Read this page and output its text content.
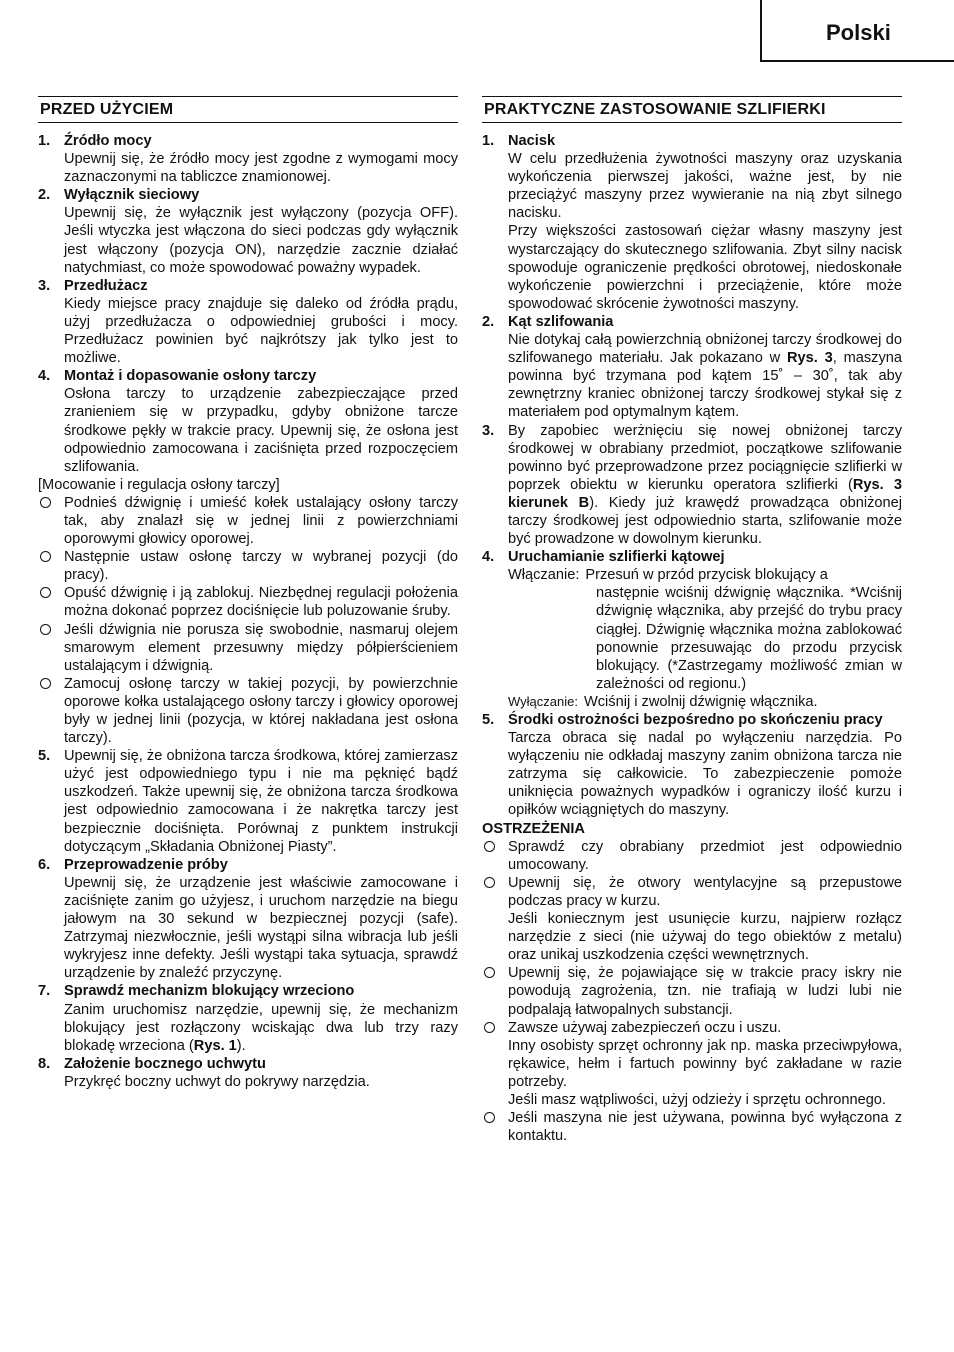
Polski
PRZED UŻYCIEM
1. Źródło mocy
Upewnij się, że źródło mocy jest zgodne z wymogami mocy zaznaczonymi na tabliczce znamionowej.
2. Wyłącznik sieciowy
Upewnij się, że wyłącznik jest wyłączony (pozycja OFF). Jeśli wtyczka jest włączona do sieci podczas gdy wyłącznik jest włączony (pozycja ON), narzędzie zacznie działać natychmiast, co może spowodować poważny wypadek.
3. Przedłużacz
Kiedy miejsce pracy znajduje się daleko od źródła prądu, użyj przedłużacza o odpowiedniej grubości i mocy. Przedłużacz powinien być najkrótszy jak tylko jest to możliwe.
4. Montaż i dopasowanie osłony tarczy
Osłona tarczy to urządzenie zabezpieczające przed zranieniem się w przypadku, gdyby obniżone tarcze środkowe pękły w trakcie pracy. Upewnij się, że osłona jest odpowiednio zamocowana i zaciśnięta przed rozpoczęciem szlifowania.
[Mocowanie i regulacja osłony tarczy]
Podnieś dźwignię i umieść kołek ustalający osłony tarczy tak, aby znalazł się w jednej linii z powierzchniami oporowymi głowicy oporowej.
Następnie ustaw osłonę tarczy w wybranej pozycji (do pracy).
Opuść dźwignię i ją zablokuj. Niezbędnej regulacji położenia można dokonać poprzez dociśnięcie lub poluzowanie śruby.
Jeśli dźwignia nie porusza się swobodnie, nasmaruj olejem smarowym element przesuwny między półpierścieniem ustalającym i dźwignią.
Zamocuj osłonę tarczy w takiej pozycji, by powierzchnie oporowe kołka ustalającego osłony tarczy i głowicy oporowej były w jednej linii (pozycja, w której nakładana jest osłona tarczy).
5. Upewnij się, że obniżona tarcza środkowa, której zamierzasz użyć jest odpowiedniego typu i nie ma pęknięć bądź uszkodzeń. Także upewnij się, że obniżona tarcza środkowa jest odpowiednio zamocowana i że nakrętka tarczy jest bezpiecznie dociśnięta. Porównaj z punktem instrukcji dotyczącym „Składania Obniżonej Piasty”.
6. Przeprowadzenie próby
Upewnij się, że urządzenie jest właściwie zamocowane i zaciśnięte zanim go użyjesz, i uruchom narzędzie na biegu jałowym na 30 sekund w bezpiecznej pozycji (safe). Zatrzymaj niezwłocznie, jeśli wystąpi silna wibracja lub jeśli wykryjesz inne defekty. Jeśli wystąpi taka sytuacja, sprawdź urządzenie by znaleźć przyczynę.
7. Sprawdź mechanizm blokujący wrzeciono
Zanim uruchomisz narzędzie, upewnij się, że mechanizm blokujący jest rozłączony wciskając dwa lub trzy razy blokadę wrzeciona (Rys. 1).
8. Założenie bocznego uchwytu
Przykręć boczny uchwyt do pokrywy narzędzia.
PRAKTYCZNE ZASTOSOWANIE SZLIFIERKI
1. Nacisk
W celu przedłużenia żywotności maszyny oraz uzyskania wykończenia pierwszej jakości, ważne jest, by nie przeciążyć maszyny przez wywieranie na nią zbyt silnego nacisku.
Przy większości zastosowań ciężar własny maszyny jest wystarczający do skutecznego szlifowania. Zbyt silny nacisk spowoduje ograniczenie prędkości obrotowej, niedoskonałe wykończenie powierzchni i przeciążenie, które może spowodować skrócenie żywotności maszyny.
2. Kąt szlifowania
Nie dotykaj całą powierzchnią obniżonej tarczy środkowej do szlifowanego materiału. Jak pokazano w Rys. 3, maszyna powinna być trzymana pod kątem 15˚ – 30˚, tak aby zewnętrzny kraniec obniżonej tarczy środkowej stykał się z materiałem pod optymalnym kątem.
3. By zapobiec werżnięciu się nowej obniżonej tarczy środkowej w obrabiany przedmiot, początkowe szlifowanie powinno być przeprowadzone przez pociągnięcie szlifierki w poprzek obiektu w kierunku operatora szlifierki (Rys. 3 kierunek B). Kiedy już krawędź prowadząca obniżonej tarczy środkowej jest odpowiednio starta, szlifowanie może być prowadzone w dowolnym kierunku.
4. Uruchamianie szlifierki kątowej
Włączanie: Przesuń w przód przycisk blokujący a
następnie wciśnij dźwignię włącznika. *Wciśnij dźwignię włącznika, aby przejść do trybu pracy ciągłej. Dźwignię włącznika można zablokować ponownie przesuwając do przodu przycisk blokujący. (*Zastrzegamy możliwość zmian w zależności od regionu.)
Wyłączanie: Wciśnij i zwolnij dźwignię włącznika.
5. Środki ostrożności bezpośredno po skończeniu pracy
Tarcza obraca się nadal po wyłączeniu narzędzia. Po wyłączeniu nie odkładaj maszyny zanim obniżona tarcza nie zatrzyma się całkowicie. To zabezpieczenie pomoże uniknięcia poważnych wypadków i ograniczy ilość kurzu i opiłków wciągniętych do maszyny.
OSTRZEŻENIA
Sprawdź czy obrabiany przedmiot jest odpowiednio umocowany.
Upewnij się, że otwory wentylacyjne są przepustowe podczas pracy w kurzu.
Jeśli koniecznym jest usunięcie kurzu, najpierw rozłącz narzędzie z sieci (nie używaj do tego obiektów z metalu) oraz unikaj uszkodzenia części wewnętrznych.
Upewnij się, że pojawiające się w trakcie pracy iskry nie powodują zagrożenia, tzn. nie trafiają w ludzi lubi nie podpalają łatwopalnych substancji.
Zawsze używaj zabezpieczeń oczu i uszu.
Inny osobisty sprzęt ochronny jak np. maska przeciwpyłowa, rękawice, hełm i fartuch powinny być zakładane w razie potrzeby.
Jeśli masz wątpliwości, użyj odzieży i sprzętu ochronnego.
Jeśli maszyna nie jest używana, powinna być wyłączona z kontaktu.
